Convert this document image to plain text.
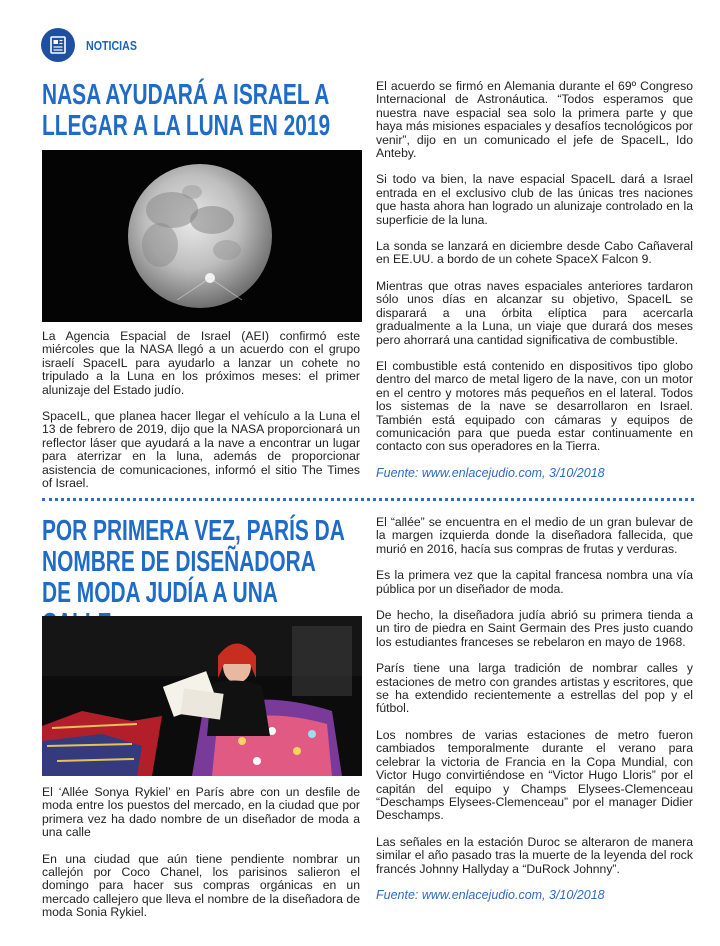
NOTICIAS
NASA AYUDARÁ A ISRAEL A LLEGAR A LA LUNA EN 2019

La Agencia Espacial de Israel (AEI) confirmó este miércoles que la NASA llegó a un acuerdo con el grupo israelí SpaceIL para ayudarlo a lanzar un cohete no tripulado a la Luna en los próximos meses: el primer alunizaje del Estado judío.

SpaceIL, que planea hacer llegar el vehículo a la Luna el 13 de febrero de 2019, dijo que la NASA proporcionará un reflector láser que ayudará a la nave a encontrar un lugar para aterrizar en la luna, además de proporcionar asistencia de comunicaciones, informó el sitio The Times of Israel.

El acuerdo se firmó en Alemania durante el 69º Congreso Internacional de Astronáutica. “Todos esperamos que nuestra nave espacial sea solo la primera parte y que haya más misiones espaciales y desafíos tecnológicos por venir”, dijo en un comunicado el jefe de SpaceIL, Ido Anteby.

Si todo va bien, la nave espacial SpaceIL dará a Israel entrada en el exclusivo club de las únicas tres naciones que hasta ahora han logrado un alunizaje controlado en la superficie de la luna.

La sonda se lanzará en diciembre desde Cabo Cañaveral en EE.UU. a bordo de un cohete SpaceX Falcon 9.

Mientras que otras naves espaciales anteriores tardaron sólo unos días en alcanzar su objetivo, SpaceIL se disparará a una órbita elíptica para acercarla gradualmente a la Luna, un viaje que durará dos meses pero ahorrará una cantidad significativa de combustible.

El combustible está contenido en dispositivos tipo globo dentro del marco de metal ligero de la nave, con un motor en el centro y motores más pequeños en el lateral. Todos los sistemas de la nave se desarrollaron en Israel. También está equipado con cámaras y equipos de comunicación para que pueda estar continuamente en contacto con sus operadores en la Tierra.

Fuente: www.enlacejudio.com, 3/10/2018
POR PRIMERA VEZ, PARÍS DA NOMBRE DE DISEÑADORA DE MODA JUDÍA A UNA

El ‘Allée Sonya Rykiel’ en París abre con un desfile de moda entre los puestos del mercado, en la ciudad que por primera vez ha dado nombre de un diseñador de moda a una calle

En una ciudad que aún tiene pendiente nombrar un callejón por Coco Chanel, los parisinos salieron el domingo para hacer sus compras orgánicas en un mercado callejero que lleva el nombre de la diseñadora de moda Sonia Rykiel.

El “allée” se encuentra en el medio de un gran bulevar de la margen izquierda donde la diseñadora fallecida, que murió en 2016, hacía sus compras de frutas y verduras.

Es la primera vez que la capital francesa nombra una vía pública por un diseñador de moda.

De hecho, la diseñadora judía abrió su primera tienda a un tiro de piedra en Saint Germain des Pres justo cuando los estudiantes franceses se rebelaron en mayo de 1968.

París tiene una larga tradición de nombrar calles y estaciones de metro con grandes artistas y escritores, que se ha extendido recientemente a estrellas del pop y el fútbol.

Los nombres de varias estaciones de metro fueron cambiados temporalmente durante el verano para celebrar la victoria de Francia en la Copa Mundial, con Victor Hugo convirtiéndose en “Victor Hugo Lloris” por el capitán del equipo y Champs Elysees-Clemenceau “Deschamps Elysees-Clemenceau” por el manager Didier Deschamps.

Las señales en la estación Duroc se alteraron de manera similar el año pasado tras la muerte de la leyenda del rock francés Johnny Hallyday a “DuRock Johnny”.

Fuente: www.enlacejudio.com, 3/10/2018
